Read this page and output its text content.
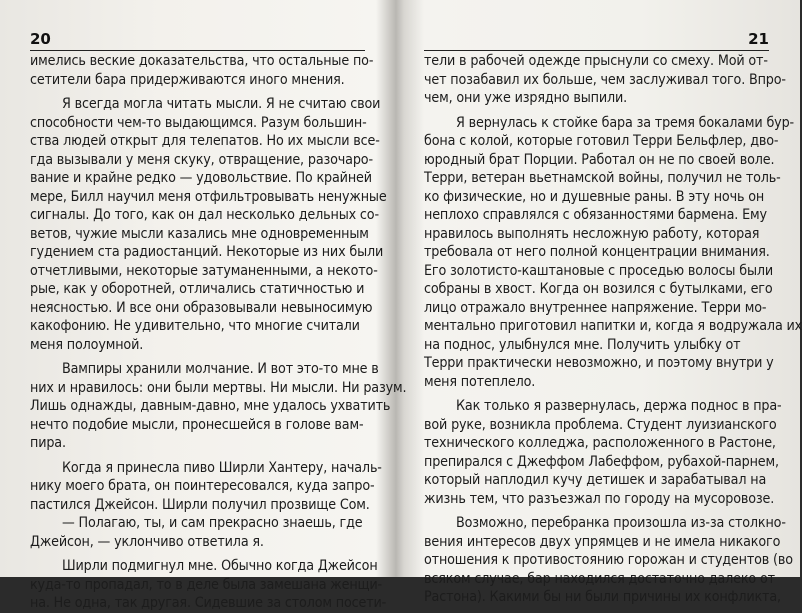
20
имелись веские доказательства, что остальные по-
сетители бара придерживаются иного мнения.
Я всегда могла читать мысли. Я не считаю свои
способности чем-то выдающимся. Разум большин-
ства людей открыт для телепатов. Но их мысли все-
гда вызывали у меня скуку, отвращение, разочаро-
вание и крайне редко — удовольствие. По крайней
мере, Билл научил меня отфильтровывать ненужные
сигналы. До того, как он дал несколько дельных со-
ветов, чужие мысли казались мне одновременным
гудением ста радиостанций. Некоторые из них были
отчетливыми, некоторые затуманенными, а некото-
рые, как у оборотней, отличались статичностью и
неясностью. И все они образовывали невыносимую
какофонию. Не удивительно, что многие считали
меня полоумной.
Вампиры хранили молчание. И вот это-то мне в
них и нравилось: они были мертвы. Ни мысли. Ни разум.
Лишь однажды, давным-давно, мне удалось ухватить
нечто подобие мысли, пронесшейся в голове вам-
пира.
Когда я принесла пиво Ширли Хантеру, началь-
нику моего брата, он поинтересовался, куда запро-
пастился Джейсон. Ширли получил прозвище Сом.
— Полагаю, ты, и сам прекрасно знаешь, где
Джейсон, — уклончиво ответила я.
Ширли подмигнул мне. Обычно когда Джейсон
куда-то пропадал, то в деле была замешана женщи-
на. Не одна, так другая. Сидевшие за столом посети-
21
тели в рабочей одежде прыснули со смеху. Мой от-
чет позабавил их больше, чем заслуживал того. Впро-
чем, они уже изрядно выпили.
Я вернулась к стойке бара за тремя бокалами бур-
бона с колой, которые готовил Терри Бельфлер, дво-
юродный брат Порции. Работал он не по своей воле.
Терри, ветеран вьетнамской войны, получил не толь-
ко физические, но и душевные раны. В эту ночь он
неплохо справлялся с обязанностями бармена. Ему
нравилось выполнять несложную работу, которая
требовала от него полной концентрации внимания.
Его золотисто-каштановые с проседью волосы были
собраны в хвост. Когда он возился с бутылками, его
лицо отражало внутреннее напряжение. Терри мо-
ментально приготовил напитки и, когда я водружала их
на поднос, улыбнулся мне. Получить улыбку от
Терри практически невозможно, и поэтому внутри у
меня потеплело.
Как только я развернулась, держа поднос в пра-
вой руке, возникла проблема. Студент луизианского
технического колледжа, расположенного в Растоне,
препирался с Джеффом Лабеффом, рубахой-парнем,
который наплодил кучу детишек и зарабатывал на
жизнь тем, что разъезжал по городу на мусоровозе.
Возможно, перебранка произошла из-за столкно-
вения интересов двух упрямцев и не имела никакого
отношения к противостоянию горожан и студентов (во
всяком случае, бар находился достаточно далеко от
Растона). Какими бы ни были причины их конфликта,
